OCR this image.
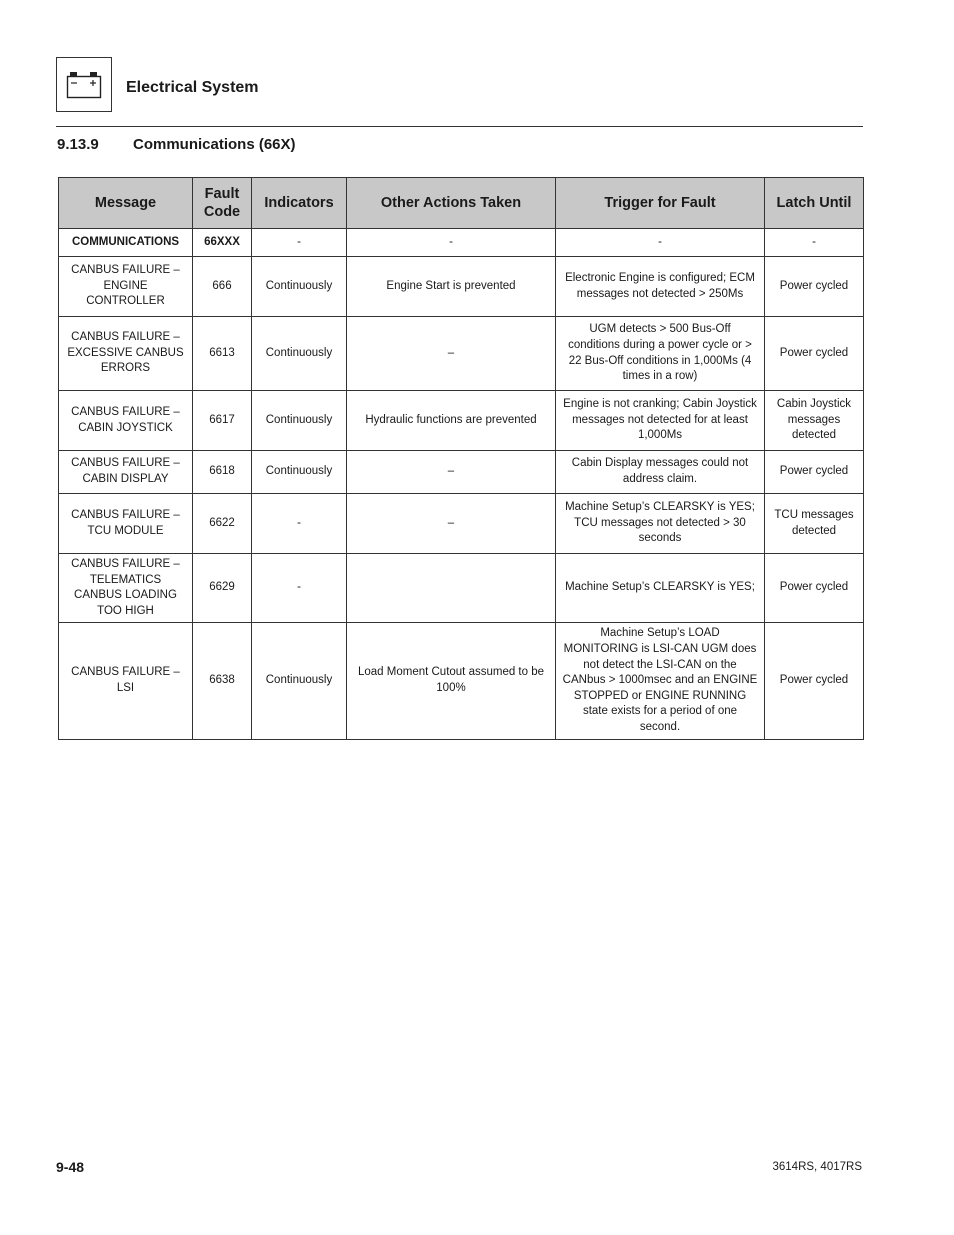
Electrical System
9.13.9 Communications (66X)
Message	Fault Code	Indicators	Other Actions Taken	Trigger for Fault	Latch Until
COMMUNICATIONS	66XXX	-	-	-	-
CANBUS FAILURE – ENGINE CONTROLLER	666	Continuously	Engine Start is prevented	Electronic Engine is configured; ECM messages not detected > 250Ms	Power cycled
CANBUS FAILURE – EXCESSIVE CANBUS ERRORS	6613	Continuously	–	UGM detects > 500 Bus-Off conditions during a power cycle or > 22 Bus-Off conditions in 1,000Ms (4 times in a row)	Power cycled
CANBUS FAILURE – CABIN JOYSTICK	6617	Continuously	Hydraulic functions are prevented	Engine is not cranking; Cabin Joystick messages not detected for at least 1,000Ms	Cabin Joystick messages detected
CANBUS FAILURE – CABIN DISPLAY	6618	Continuously	–	Cabin Display messages could not address claim.	Power cycled
CANBUS FAILURE – TCU MODULE	6622	-	–	Machine Setup’s CLEARSKY is YES; TCU messages not detected > 30 seconds	TCU messages detected
CANBUS FAILURE – TELEMATICS CANBUS LOADING TOO HIGH	6629	-		Machine Setup’s CLEARSKY is YES;	Power cycled
CANBUS FAILURE – LSI	6638	Continuously	Load Moment Cutout assumed to be 100%	Machine Setup’s LOAD MONITORING is LSI-CAN UGM does not detect the LSI-CAN on the CANbus > 1000msec and an ENGINE STOPPED or ENGINE RUNNING state exists for a period of one second.	Power cycled
9-48	3614RS, 4017RS
